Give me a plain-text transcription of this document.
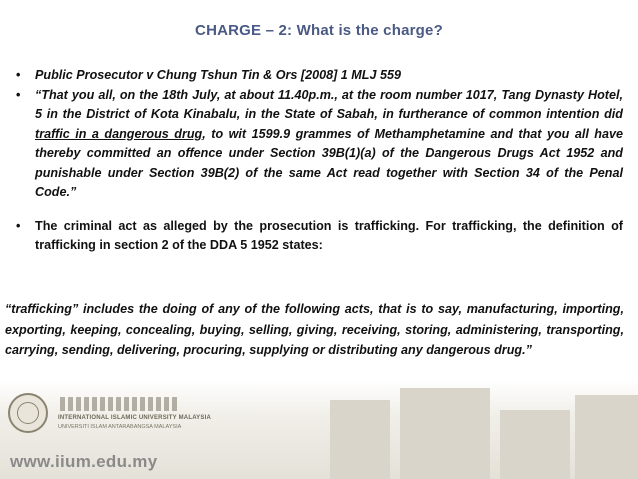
CHARGE – 2: What is the charge?
• Public Prosecutor v Chung Tshun Tin & Ors [2008] 1 MLJ 559
• “That you all, on the 18th July, at about 11.40p.m., at the room number 1017, Tang Dynasty Hotel, 5 in the District of Kota Kinabalu, in the State of Sabah, in furtherance of common intention did traffic in a dangerous drug, to wit 1599.9 grammes of Methamphetamine and that you all have thereby committed an offence under Section 39B(1)(a) of the Dangerous Drugs Act 1952 and punishable under Section 39B(2) of the same Act read together with Section 34 of the Penal Code.”
• The criminal act as alleged by the prosecution is trafficking. For trafficking, the definition of trafficking in section 2 of the DDA 5 1952 states:
“trafficking” includes the doing of any of the following acts, that is to say, manufacturing, importing, exporting, keeping, concealing, buying, selling, giving, receiving, storing, administering, transporting, carrying, sending, delivering, procuring, supplying or distributing any dangerous drug.”
INTERNATIONAL ISLAMIC UNIVERSITY MALAYSIA
UNIVERSITI ISLAM ANTARABANGSA MALAYSIA
www.iium.edu.my
